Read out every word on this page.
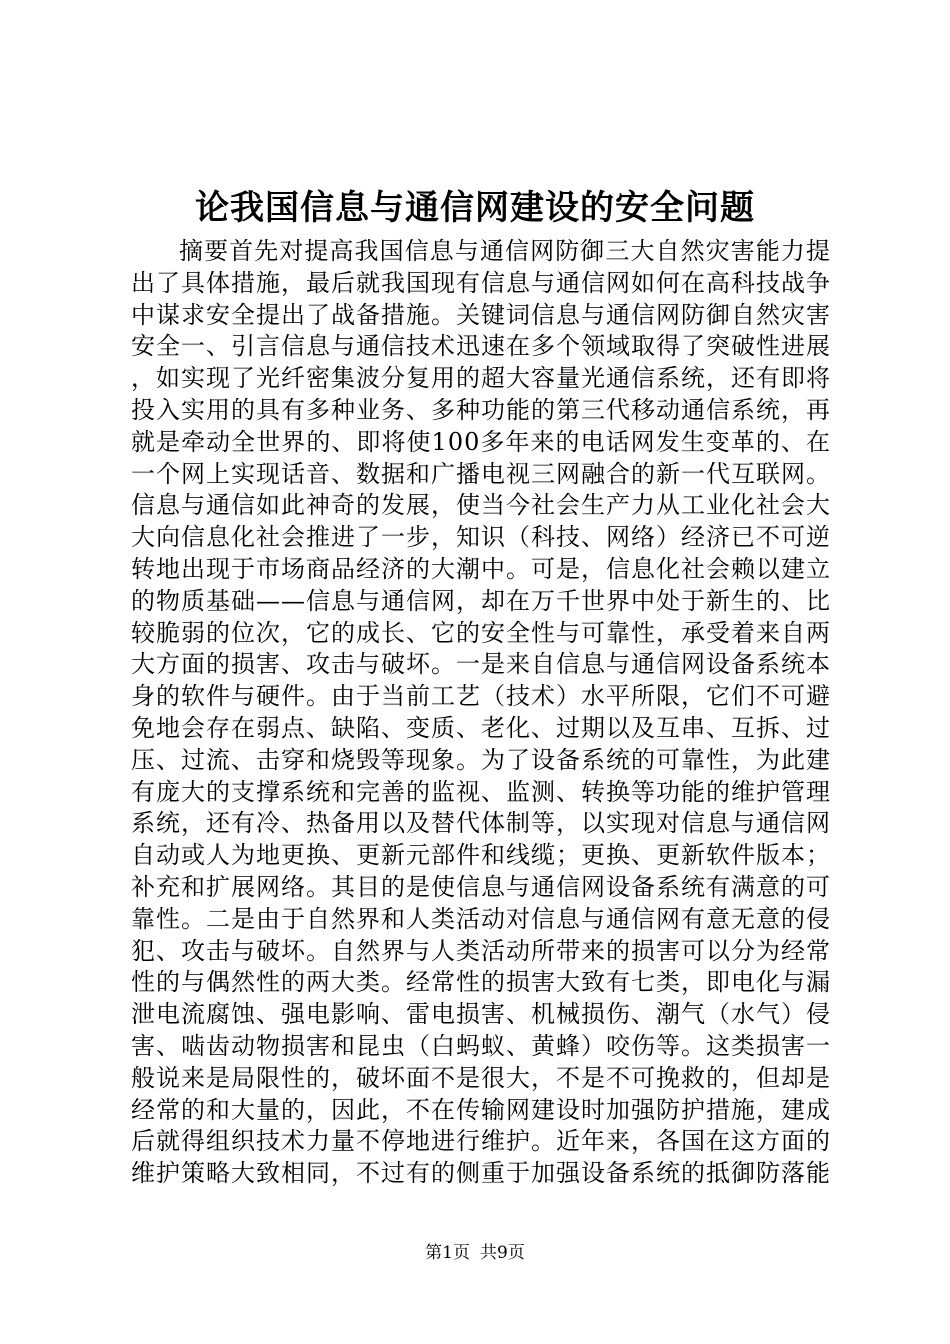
论我国信息与通信网建设的安全问题

摘要首先对提高我国信息与通信网防御三大自然灾害能力提出了具体措施，最后就我国现有信息与通信网如何在高科技战争中谋求安全提出了战备措施。关键词信息与通信网防御自然灾害安全一、引言信息与通信技术迅速在多个领域取得了突破性进展，如实现了光纤密集波分复用的超大容量光通信系统，还有即将投入实用的具有多种业务、多种功能的第三代移动通信系统，再就是牵动全世界的、即将使100多年来的电话网发生变革的、在一个网上实现话音、数据和广播电视三网融合的新一代互联网。信息与通信如此神奇的发展，使当今社会生产力从工业化社会大大向信息化社会推进了一步，知识（科技、网络）经济已不可逆转地出现于市场商品经济的大潮中。可是，信息化社会赖以建立的物质基础——信息与通信网，却在万千世界中处于新生的、比较脆弱的位次，它的成长、它的安全性与可靠性，承受着来自两大方面的损害、攻击与破坏。一是来自信息与通信网设备系统本身的软件与硬件。由于当前工艺（技术）水平所限，它们不可避免地会存在弱点、缺陷、变质、老化、过期以及互串、互拆、过压、过流、击穿和烧毁等现象。为了设备系统的可靠性，为此建有庞大的支撑系统和完善的监视、监测、转换等功能的维护管理系统，还有冷、热备用以及替代体制等，以实现对信息与通信网自动或人为地更换、更新元部件和线缆；更换、更新软件版本；补充和扩展网络。其目的是使信息与通信网设备系统有满意的可靠性。二是由于自然界和人类活动对信息与通信网有意无意的侵犯、攻击与破坏。自然界与人类活动所带来的损害可以分为经常性的与偶然性的两大类。经常性的损害大致有七类，即电化与漏泄电流腐蚀、强电影响、雷电损害、机械损伤、潮气（水气）侵害、啮齿动物损害和昆虫（白蚂蚁、黄蜂）咬伤等。这类损害一般说来是局限性的，破坏面不是很大，不是不可挽救的，但却是经常的和大量的，因此，不在传输网建设时加强防护措施，建成后就得组织技术力量不停地进行维护。近年来，各国在这方面的维护策略大致相同，不过有的侧重于加强设备系统的抵御防落能

第1页 共9页
